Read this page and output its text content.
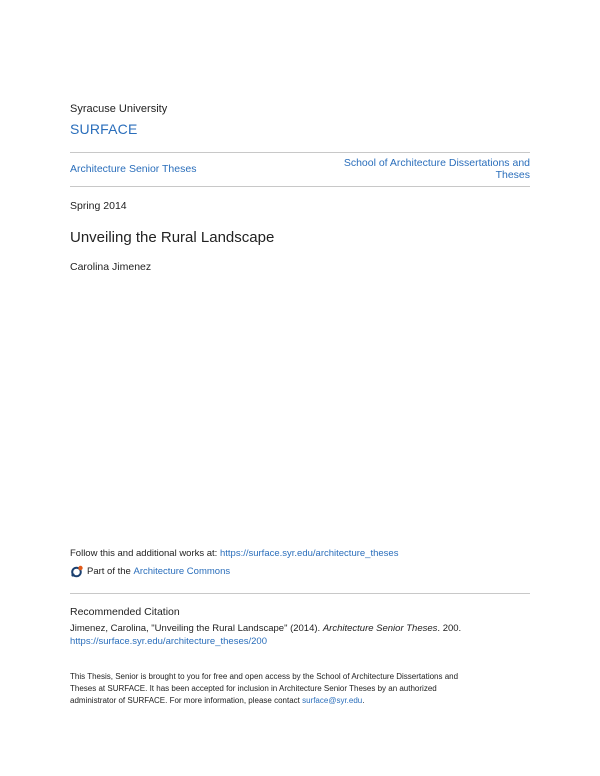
Syracuse University
SURFACE
Architecture Senior Theses	School of Architecture Dissertations and
Theses
Spring 2014
Unveiling the Rural Landscape
Carolina Jimenez
Follow this and additional works at: https://surface.syr.edu/architecture_theses
Part of the
Architecture Commons
Recommended Citation
Jimenez, Carolina, "Unveiling the Rural Landscape" (2014). Architecture Senior Theses. 200.
https://surface.syr.edu/architecture_theses/200
This Thesis, Senior is brought to you for free and open access by the School of Architecture Dissertations and
Theses at SURFACE. It has been accepted for inclusion in Architecture Senior Theses by an authorized
administrator of SURFACE. For more information, please contact surface@syr.edu.
